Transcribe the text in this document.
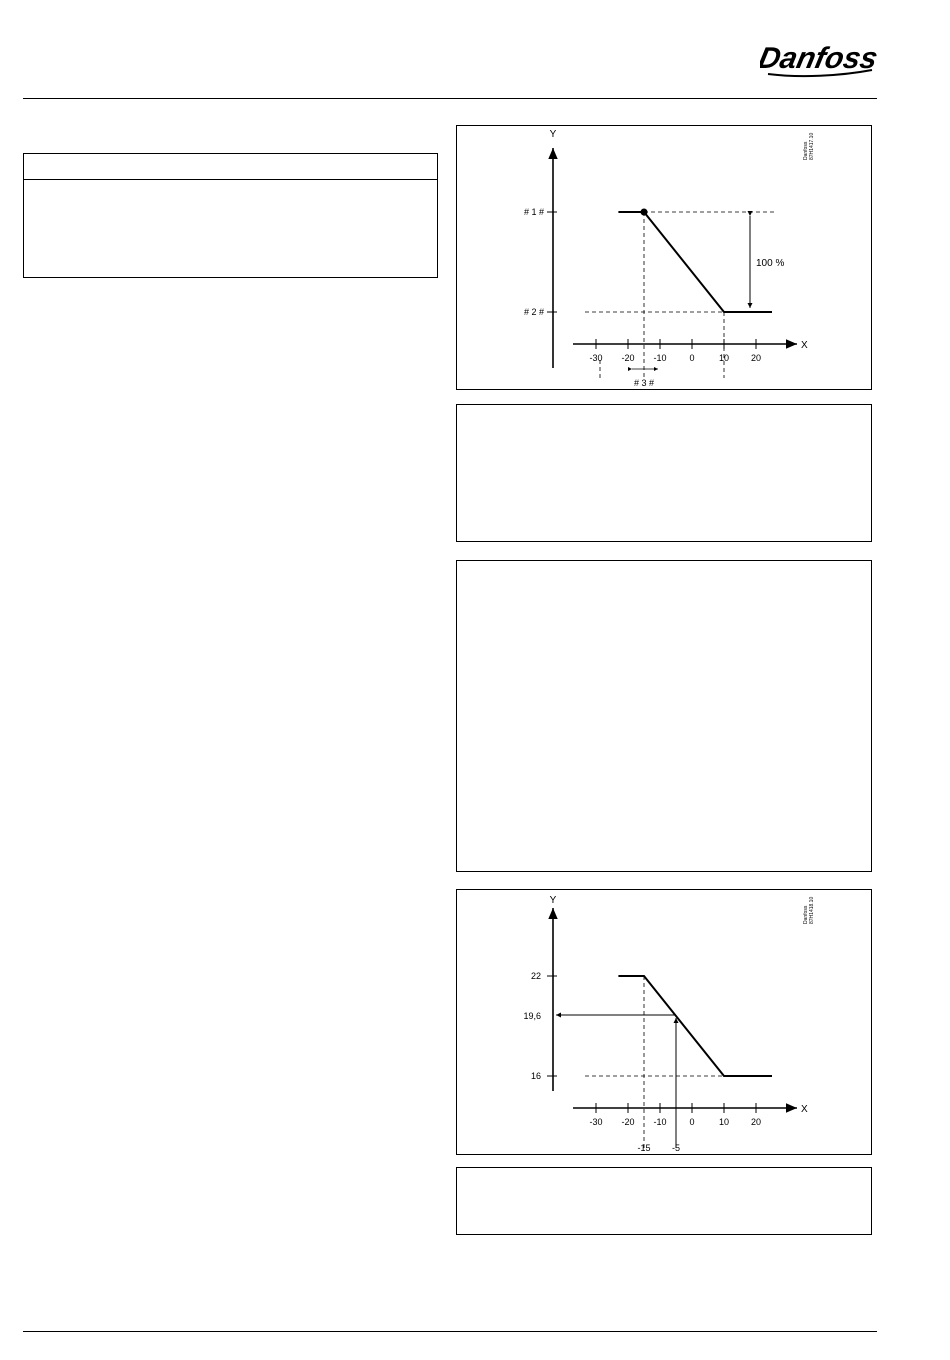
Danfoss
Y
X
-30 -20 -10	0	10 20
# 1 #
# 2 #
100 %
# 3 #
Danfoss 87H1417.10
Y
X
-30 -20 -10	0	10 20
22
19,6
16
-15 -5
Danfoss 87H1418.10
